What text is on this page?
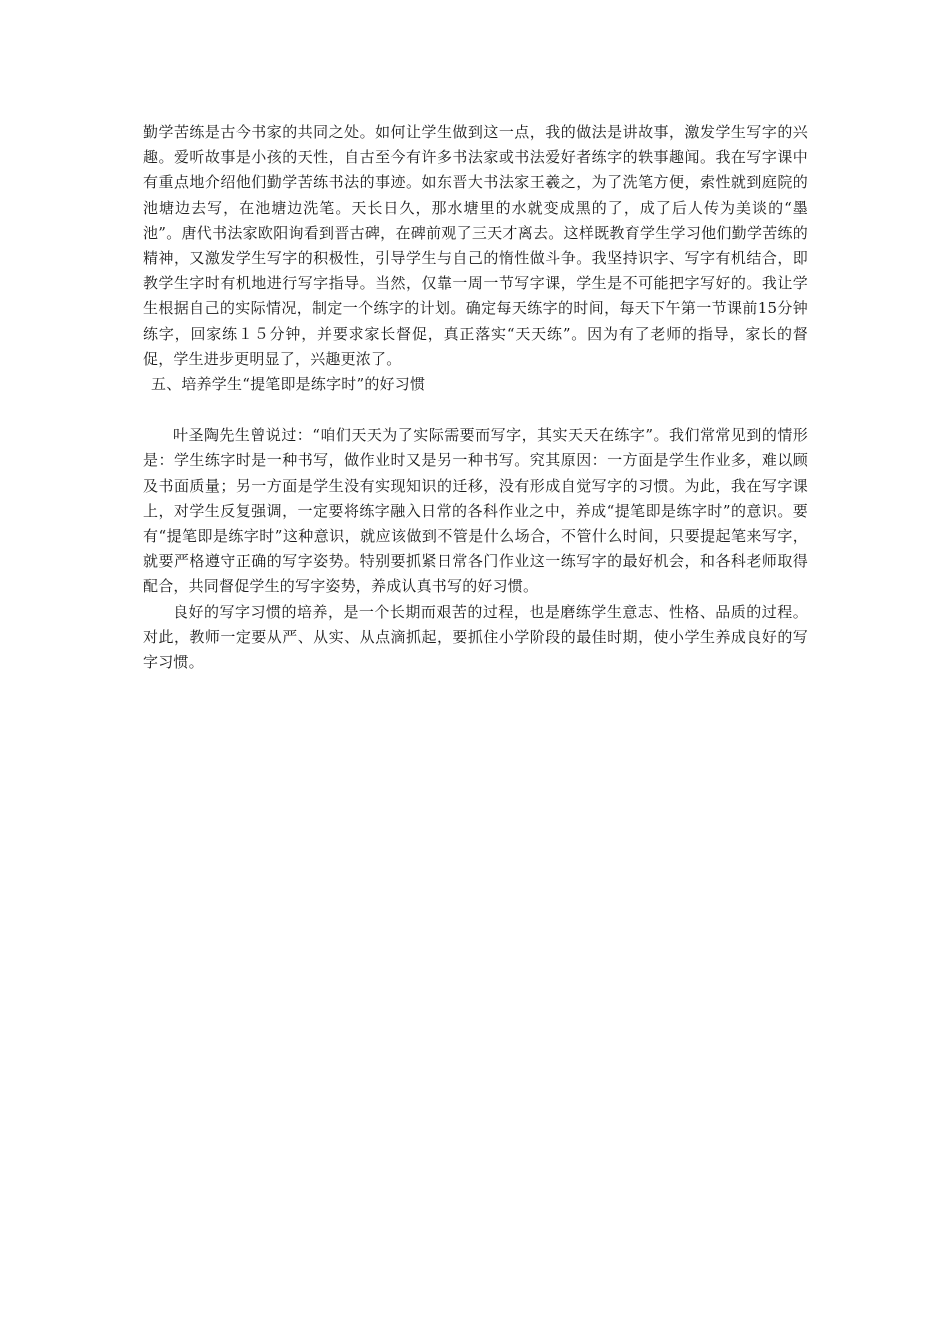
勤学苦练是古今书家的共同之处。如何让学生做到这一点，我的做法是讲故事，激发学生写字的兴趣。爱听故事是小孩的天性，自古至今有许多书法家或书法爱好者练字的轶事趣闻。我在写字课中有重点地介绍他们勤学苦练书法的事迹。如东晋大书法家王羲之，为了洗笔方便，索性就到庭院的池塘边去写，在池塘边洗笔。天长日久，那水塘里的水就变成黑的了，成了后人传为美谈的“墨池”。唐代书法家欧阳询看到晋古碑，在碑前观了三天才离去。这样既教育学生学习他们勤学苦练的精神，又激发学生写字的积极性，引导学生与自己的惰性做斗争。我坚持识字、写字有机结合，即教学生字时有机地进行写字指导。当然，仅靠一周一节写字课，学生是不可能把字写好的。我让学生根据自己的实际情况，制定一个练字的计划。确定每天练字的时间，每天下午第一节课前15分钟练字，回家练１５分钟，并要求家长督促，真正落实“天天练”。因为有了老师的指导，家长的督促，学生进步更明显了，兴趣更浓了。

五、培养学生“提笔即是练字时”的好习惯

叶圣陶先生曾说过：“咱们天天为了实际需要而写字，其实天天在练字”。我们常常见到的情形是：学生练字时是一种书写，做作业时又是另一种书写。究其原因：一方面是学生作业多，难以顾及书面质量；另一方面是学生没有实现知识的迁移，没有形成自觉写字的习惯。为此，我在写字课上，对学生反复强调，一定要将练字融入日常的各科作业之中，养成“提笔即是练字时”的意识。要有“提笔即是练字时”这种意识，就应该做到不管是什么场合，不管什么时间，只要提起笔来写字，就要严格遵守正确的写字姿势。特别要抓紧日常各门作业这一练写字的最好机会，和各科老师取得配合，共同督促学生的写字姿势，养成认真书写的好习惯。

良好的写字习惯的培养，是一个长期而艰苦的过程，也是磨练学生意志、性格、品质的过程。对此，教师一定要从严、从实、从点滴抓起，要抓住小学阶段的最佳时期，使小学生养成良好的写字习惯。
